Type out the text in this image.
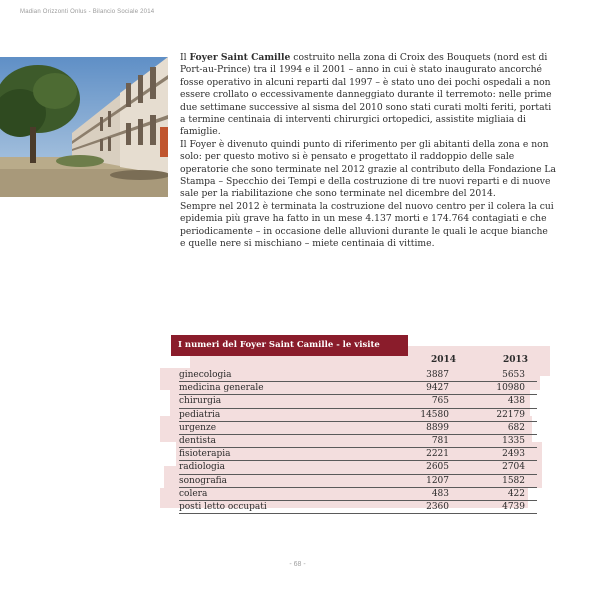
Madian Orizzonti Onlus - Bilancio Sociale 2014

Il Foyer Saint Camille costruito nella zona di Croix des Bouquets (nord est di Port-au-Prince) tra il 1994 e il 2001 – anno in cui è stato inaugurato ancorché fosse operativo in alcuni reparti dal 1997 – è stato uno dei pochi ospedali a non essere crollato o eccessivamente danneggiato durante il terremoto: nelle prime due settimane successive al sisma del 2010 sono stati curati molti feriti, portati a termine centinaia di interventi chirurgici ortopedici, assistite migliaia di famiglie.

Il Foyer è divenuto quindi punto di riferimento per gli abitanti della zona e non solo: per questo motivo si è pensato e progettato il raddoppio delle sale operatorie che sono terminate nel 2012 grazie al contributo della Fondazione La Stampa – Specchio dei Tempi e della costruzione di tre nuovi reparti e di nuove sale per la riabilitazione che sono terminate nel dicembre del 2014.

Sempre nel 2012 è terminata la costruzione del nuovo centro per il colera la cui epidemia più grave ha fatto in un mese 4.137 morti e 174.764 contagiati e che periodicamente – in occasione delle alluvioni durante le quali le acque bianche e quelle nere si mischiano – miete centinaia di vittime.

I numeri del Foyer Saint Camille - le visite
2014	2013
ginecologia	3887	5653
medicina generale	9427	10980
chirurgia	765	438
pediatria	14580	22179
urgenze	8899	682
dentista	781	1335
fisioterapia	2221	2493
radiologia	2605	2704
sonografia	1207	1582
colera	483	422
posti letto occupati	2360	4739
- 68 -
